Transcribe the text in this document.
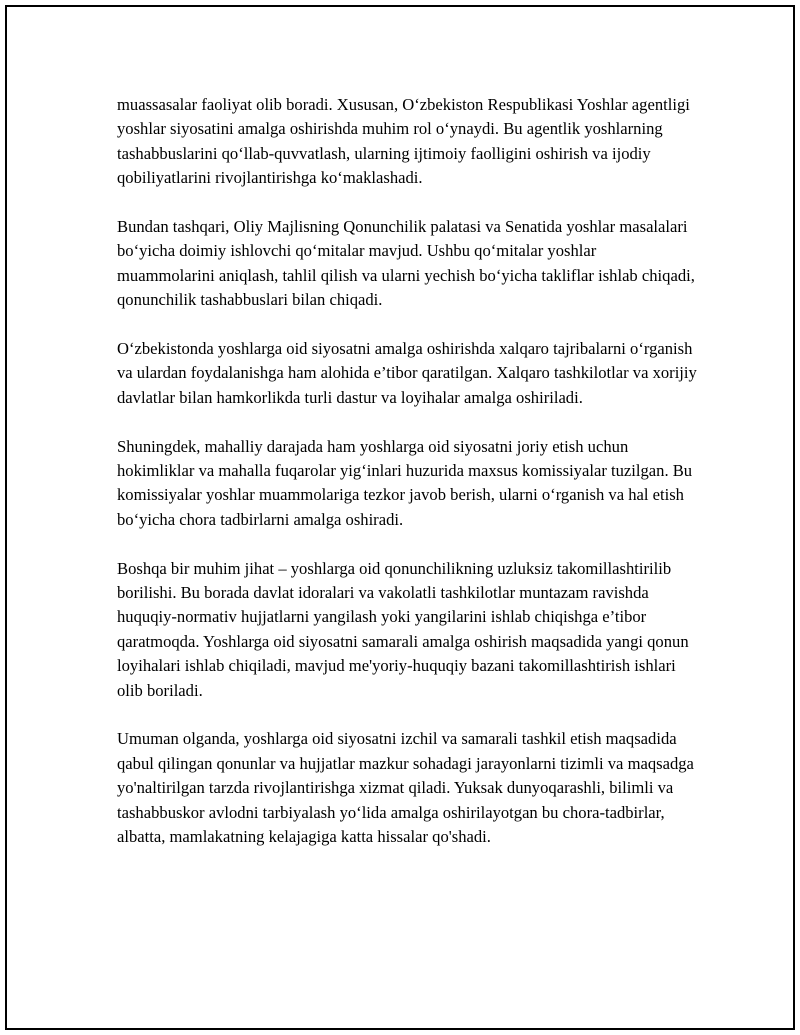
muassasalar faoliyat olib boradi. Xususan, O‘zbekiston Respublikasi Yoshlar agentligi yoshlar siyosatini amalga oshirishda muhim rol o‘ynaydi. Bu agentlik yoshlarning tashabbuslarini qo‘llab-quvvatlash, ularning ijtimoiy faolligini oshirish va ijodiy qobiliyatlarini rivojlantirishga ko‘maklashadi.

Bundan tashqari, Oliy Majlisning Qonunchilik palatasi va Senatida yoshlar masalalari bo‘yicha doimiy ishlovchi qo‘mitalar mavjud. Ushbu qo‘mitalar yoshlar muammolarini aniqlash, tahlil qilish va ularni yechish bo‘yicha takliflar ishlab chiqadi, qonunchilik tashabbuslari bilan chiqadi.

O‘zbekistonda yoshlarga oid siyosatni amalga oshirishda xalqaro tajribalarni o‘rganish va ulardan foydalanishga ham alohida e’tibor qaratilgan. Xalqaro tashkilotlar va xorijiy davlatlar bilan hamkorlikda turli dastur va loyihalar amalga oshiriladi.

Shuningdek, mahalliy darajada ham yoshlarga oid siyosatni joriy etish uchun hokimliklar va mahalla fuqarolar yig‘inlari huzurida maxsus komissiyalar tuzilgan. Bu komissiyalar yoshlar muammolariga tezkor javob berish, ularni o‘rganish va hal etish bo‘yicha chora tadbirlarni amalga oshiradi.

Boshqa bir muhim jihat – yoshlarga oid qonunchilikning uzluksiz takomillashtirilib borilishi. Bu borada davlat idoralari va vakolatli tashkilotlar muntazam ravishda huquqiy-normativ hujjatlarni yangilash yoki yangilarini ishlab chiqishga e’tibor qaratmoqda. Yoshlarga oid siyosatni samarali amalga oshirish maqsadida yangi qonun loyihalari ishlab chiqiladi, mavjud me'yoriy-huquqiy bazani takomillashtirish ishlari olib boriladi.

Umuman olganda, yoshlarga oid siyosatni izchil va samarali tashkil etish maqsadida qabul qilingan qonunlar va hujjatlar mazkur sohadagi jarayonlarni tizimli va maqsadga yo'naltirilgan tarzda rivojlantirishga xizmat qiladi. Yuksak dunyoqarashli, bilimli va tashabbuskor avlodni tarbiyalash yo‘lida amalga oshirilayotgan bu chora-tadbirlar, albatta, mamlakatning kelajagiga katta hissalar qo'shadi.
